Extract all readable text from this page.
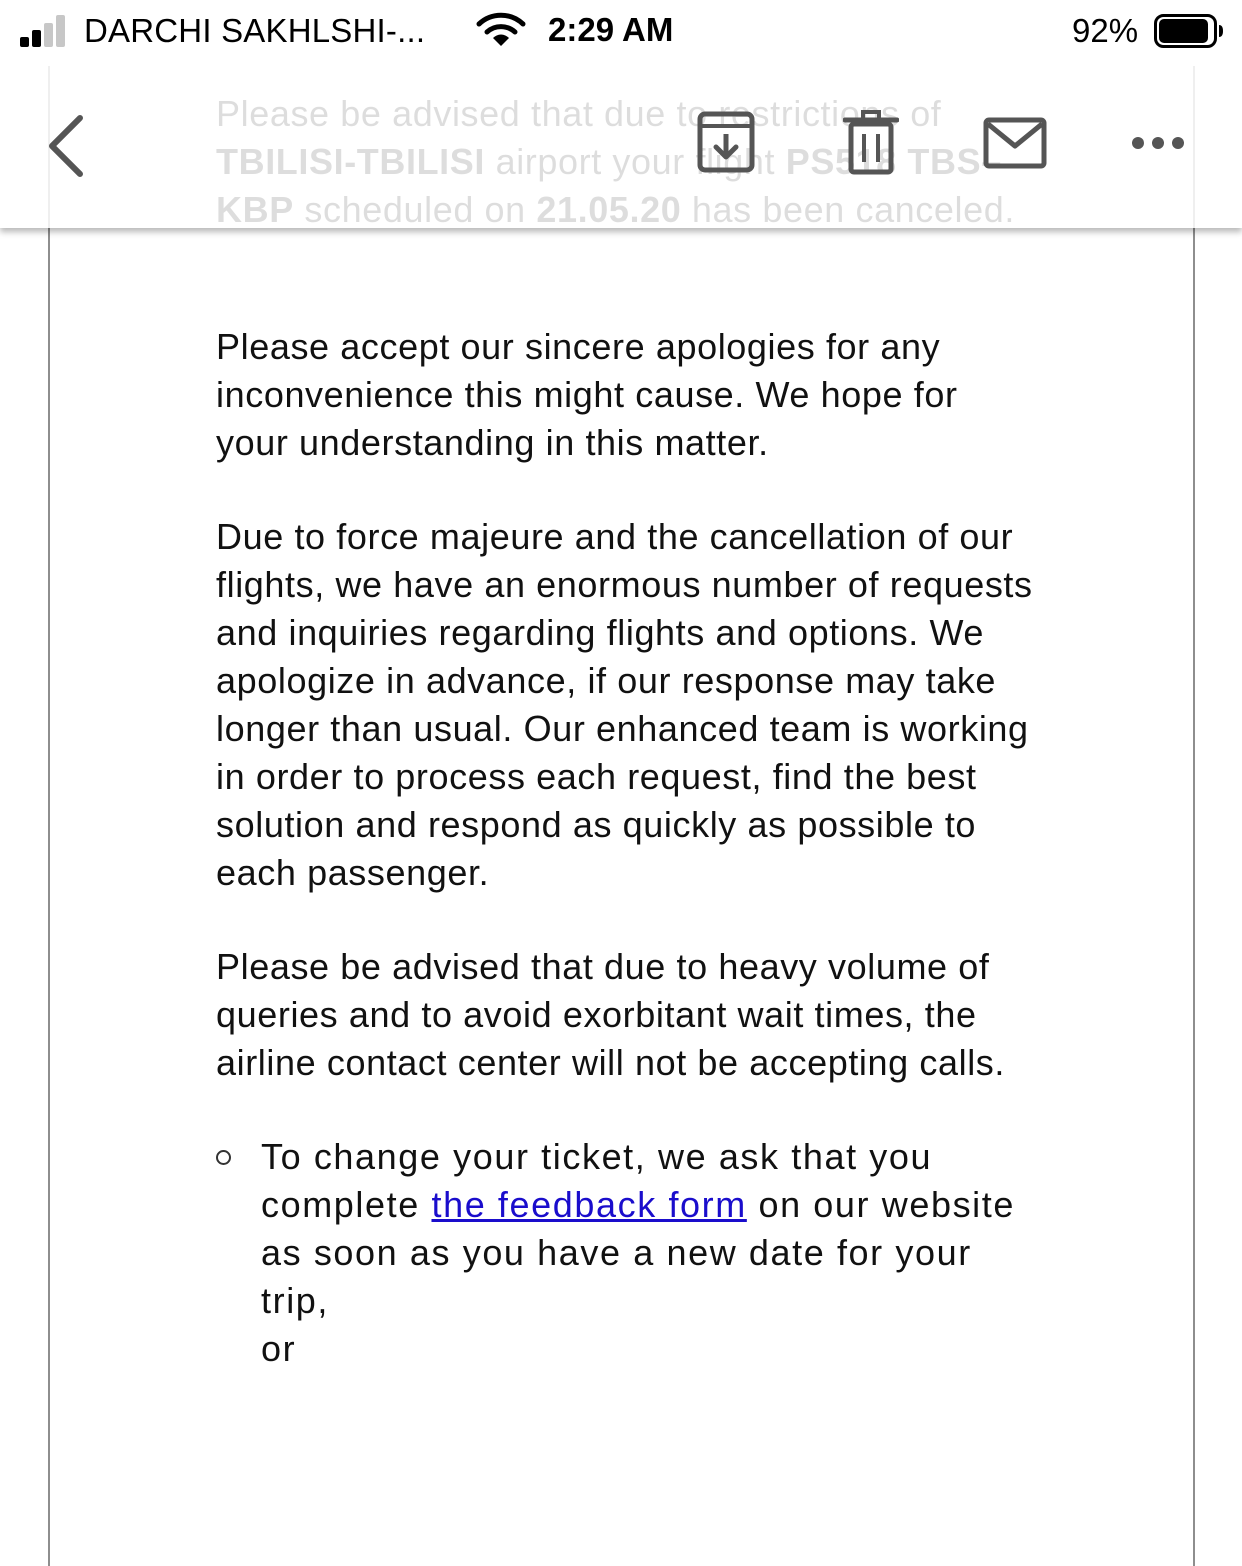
Please accept our sincere apologies for any inconvenience this might cause. We hope for your understanding in this matter.

Due to force majeure and the cancellation of our flights, we have an enormous number of requests and inquiries regarding flights and options. We apologize in advance, if our response may take longer than usual. Our enhanced team is working in order to process each request, find the best solution and respond as quickly as possible to each passenger.

Please be advised that due to heavy volume of queries and to avoid exorbitant wait times, the airline contact center will not be accepting calls.

To change your ticket, we ask that you complete the feedback form on our website as soon as you have a new date for your trip,
or
DARCHI SAKHLSHI-...	2:29 AM	92%
